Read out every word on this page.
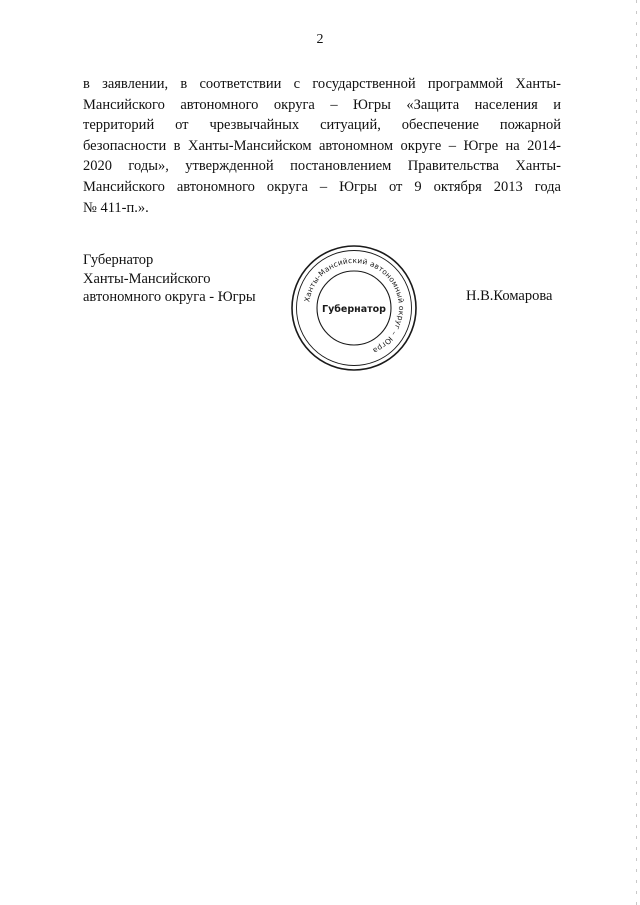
2
в заявлении, в соответствии с государственной программой Ханты-
Мансийского автономного округа – Югры «Защита населения и
территорий от чрезвычайных ситуаций, обеспечение пожарной
безопасности в Ханты-Мансийском автономном округе – Югре на 2014-
2020 годы», утвержденной постановлением Правительства Ханты-
Мансийского автономного округа – Югры от 9 октября 2013 года
№ 411-п.».
Губернатор
Ханты-Мансийского
автономного округа - Югры	Н.В.Комарова
Ханты-Мансийский автономный округ – Югра
Губернатор
